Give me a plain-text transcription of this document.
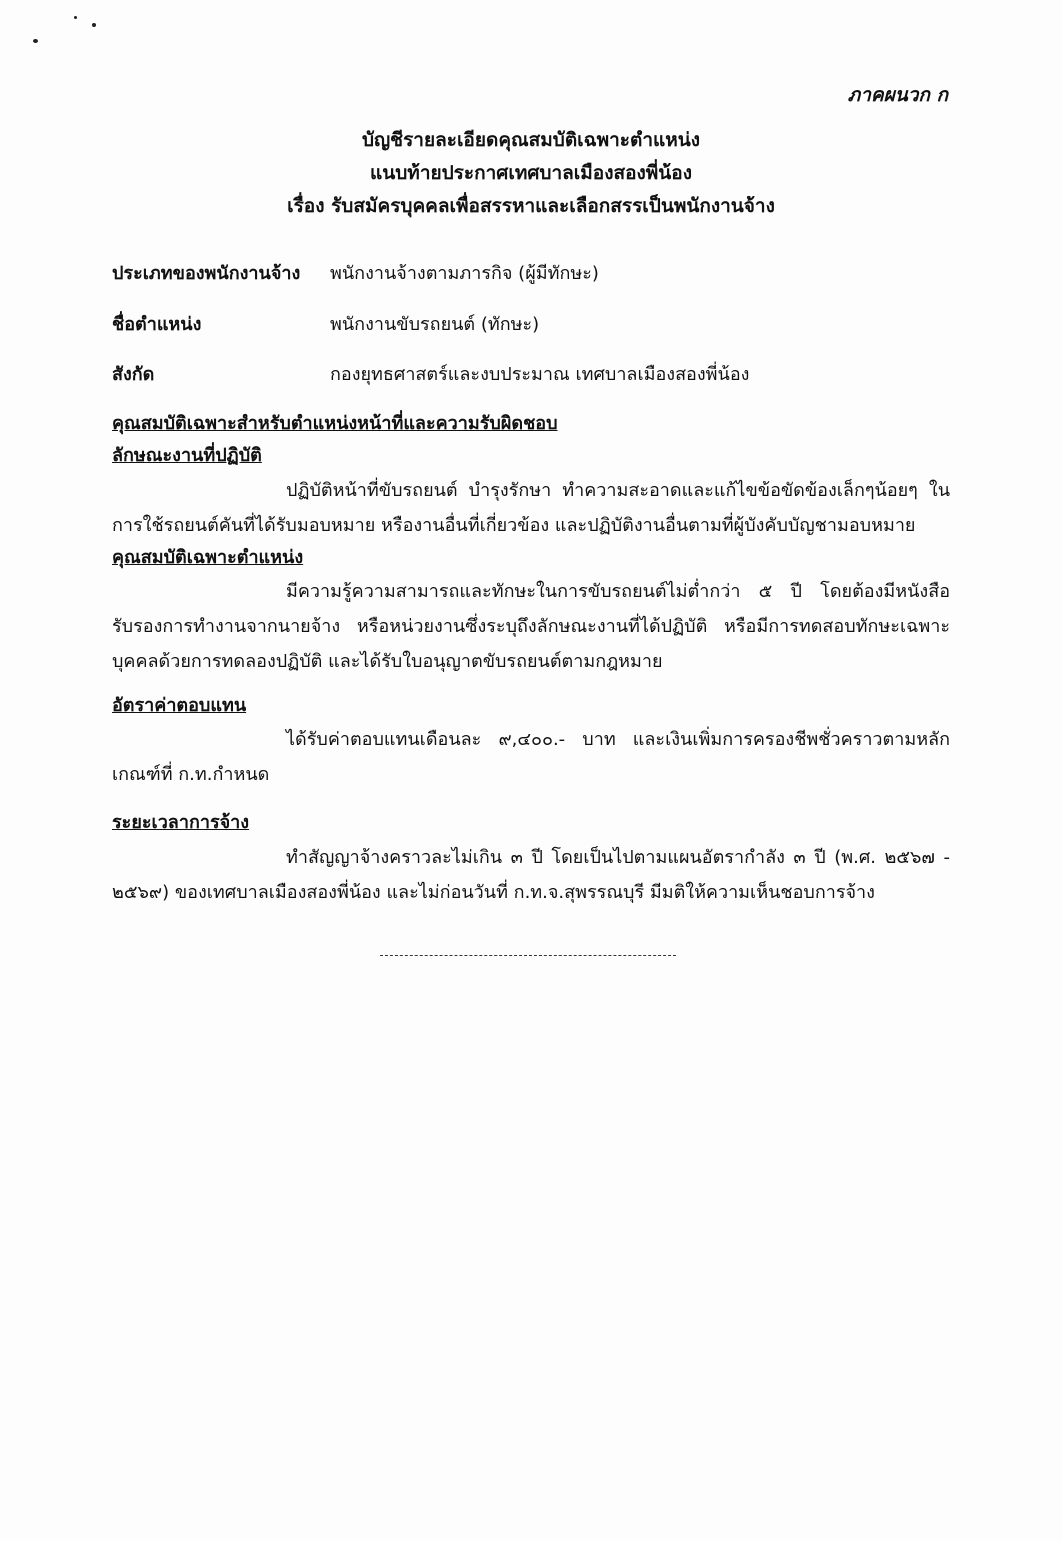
ภาคผนวก ก
บัญชีรายละเอียดคุณสมบัติเฉพาะตำแหน่ง
แนบท้ายประกาศเทศบาลเมืองสองพี่น้อง
เรื่อง รับสมัครบุคคลเพื่อสรรหาและเลือกสรรเป็นพนักงานจ้าง
ประเภทของพนักงานจ้าง พนักงานจ้างตามภารกิจ (ผู้มีทักษะ)
ชื่อตำแหน่ง	พนักงานขับรถยนต์ (ทักษะ)
สังกัด	กองยุทธศาสตร์และงบประมาณ เทศบาลเมืองสองพี่น้อง
คุณสมบัติเฉพาะสำหรับตำแหน่งหน้าที่และความรับผิดชอบ
ลักษณะงานที่ปฏิบัติ

ปฏิบัติหน้าที่ขับรถยนต์ บำรุงรักษา ทำความสะอาดและแก้ไขข้อขัดข้องเล็กๆน้อยๆ ในการใช้รถยนต์คันที่ได้รับมอบหมาย หรืองานอื่นที่เกี่ยวข้อง และปฏิบัติงานอื่นตามที่ผู้บังคับบัญชามอบหมาย

คุณสมบัติเฉพาะตำแหน่ง

มีความรู้ความสามารถและทักษะในการขับรถยนต์ไม่ต่ำกว่า ๕ ปี โดยต้องมีหนังสือรับรองการทำงานจากนายจ้าง หรือหน่วยงานซึ่งระบุถึงลักษณะงานที่ได้ปฏิบัติ หรือมีการทดสอบทักษะเฉพาะบุคคลด้วยการทดลองปฏิบัติ และได้รับใบอนุญาตขับรถยนต์ตามกฎหมาย

อัตราค่าตอบแทน

ได้รับค่าตอบแทนเดือนละ ๙,๔๐๐.- บาท และเงินเพิ่มการครองชีพชั่วคราวตามหลักเกณฑ์ที่ ก.ท.กำหนด

ระยะเวลาการจ้าง

ทำสัญญาจ้างคราวละไม่เกิน ๓ ปี โดยเป็นไปตามแผนอัตรากำลัง ๓ ปี (พ.ศ. ๒๕๖๗ - ๒๕๖๙) ของเทศบาลเมืองสองพี่น้อง และไม่ก่อนวันที่ ก.ท.จ.สุพรรณบุรี มีมติให้ความเห็นชอบการจ้าง
